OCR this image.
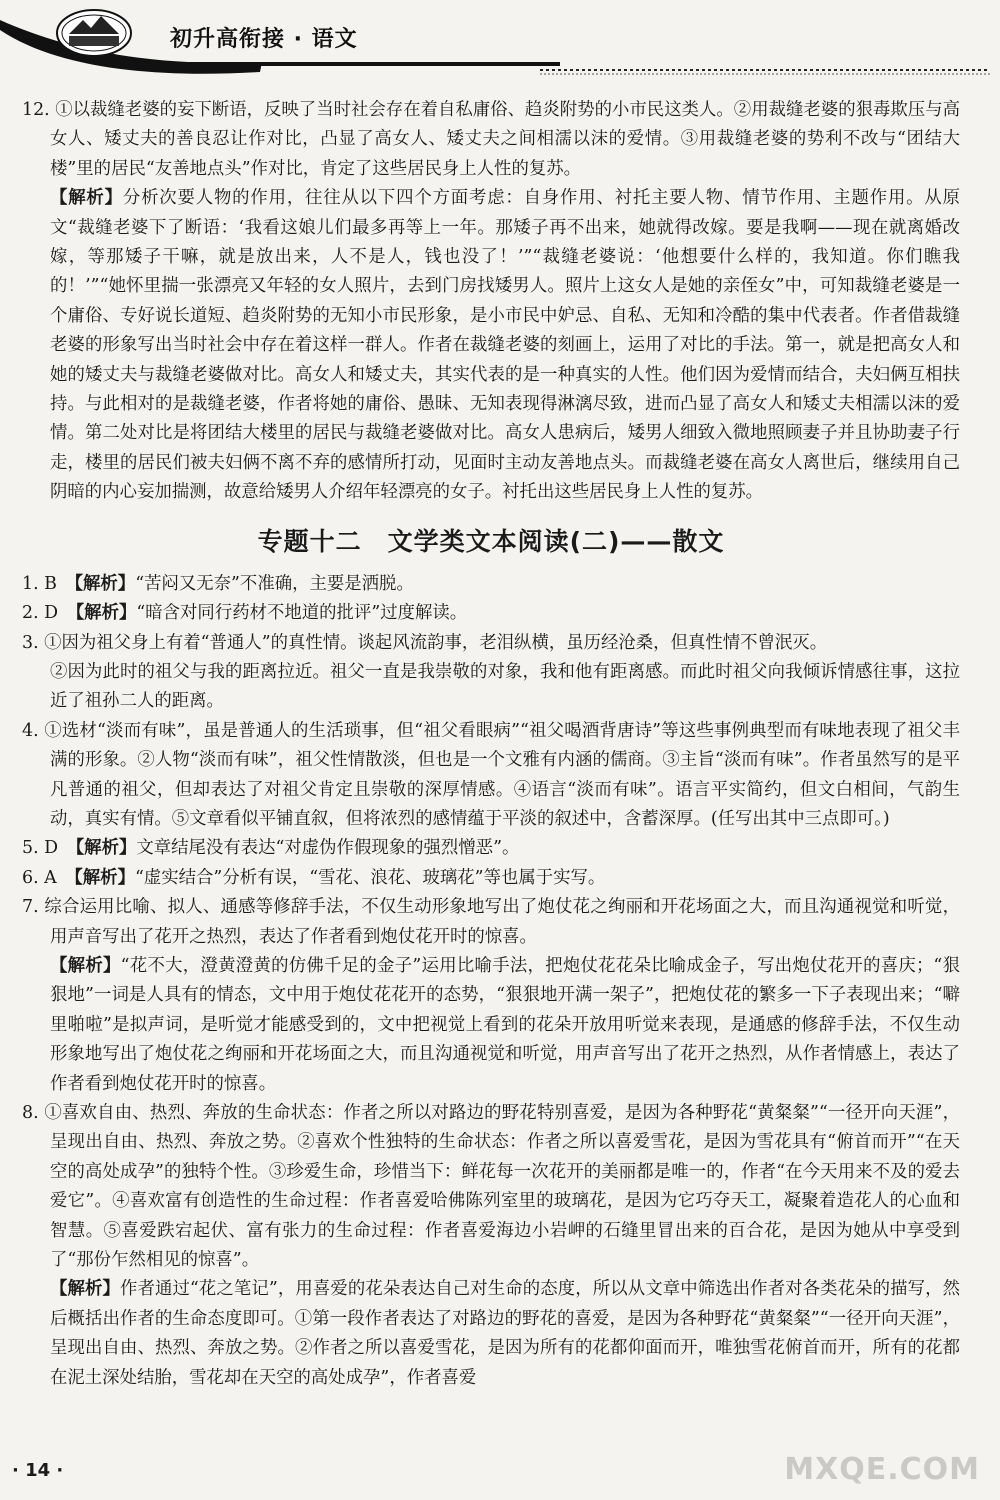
初升高衔接 · 语文

12. ①以裁缝老婆的妄下断语，反映了当时社会存在着自私庸俗、趋炎附势的小市民这类人。②用裁缝老婆的狠毒欺压与高女人、矮丈夫的善良忍让作对比，凸显了高女人、矮丈夫之间相濡以沫的爱情。③用裁缝老婆的势利不改与“团结大楼”里的居民“友善地点头”作对比，肯定了这些居民身上人性的复苏。

【解析】分析次要人物的作用，往往从以下四个方面考虑：自身作用、衬托主要人物、情节作用、主题作用。从原文“裁缝老婆下了断语：‘我看这娘儿们最多再等上一年。那矮子再不出来，她就得改嫁。要是我啊——现在就离婚改嫁，等那矮子干嘛，就是放出来，人不是人，钱也没了！’”“裁缝老婆说：‘他想要什么样的，我知道。你们瞧我的！’”“她怀里揣一张漂亮又年轻的女人照片，去到门房找矮男人。照片上这女人是她的亲侄女”中，可知裁缝老婆是一个庸俗、专好说长道短、趋炎附势的无知小市民形象，是小市民中妒忌、自私、无知和冷酷的集中代表者。作者借裁缝老婆的形象写出当时社会中存在着这样一群人。作者在裁缝老婆的刻画上，运用了对比的手法。第一，就是把高女人和她的矮丈夫与裁缝老婆做对比。高女人和矮丈夫，其实代表的是一种真实的人性。他们因为爱情而结合，夫妇俩互相扶持。与此相对的是裁缝老婆，作者将她的庸俗、愚昧、无知表现得淋漓尽致，进而凸显了高女人和矮丈夫相濡以沫的爱情。第二处对比是将团结大楼里的居民与裁缝老婆做对比。高女人患病后，矮男人细致入微地照顾妻子并且协助妻子行走，楼里的居民们被夫妇俩不离不弃的感情所打动，见面时主动友善地点头。而裁缝老婆在高女人离世后，继续用自己阴暗的内心妄加揣测，故意给矮男人介绍年轻漂亮的女子。衬托出这些居民身上人性的复苏。

专题十二　文学类文本阅读(二)——散文

1. B　 【解析】“苦闷又无奈”不准确，主要是洒脱。

2. D　 【解析】“暗含对同行药材不地道的批评”过度解读。

3. ①因为祖父身上有着“普通人”的真性情。谈起风流韵事，老泪纵横，虽历经沧桑，但真性情不曾泯灭。

②因为此时的祖父与我的距离拉近。祖父一直是我崇敬的对象，我和他有距离感。而此时祖父向我倾诉情感往事，这拉近了祖孙二人的距离。

4. ①选材“淡而有味”，虽是普通人的生活琐事，但“祖父看眼病”“祖父喝酒背唐诗”等这些事例典型而有味地表现了祖父丰满的形象。②人物“淡而有味”，祖父性情散淡，但也是一个文雅有内涵的儒商。③主旨“淡而有味”。作者虽然写的是平凡普通的祖父，但却表达了对祖父肯定且崇敬的深厚情感。④语言“淡而有味”。语言平实简约，但文白相间，气韵生动，真实有情。⑤文章看似平铺直叙，但将浓烈的感情蕴于平淡的叙述中，含蓄深厚。(任写出其中三点即可。)

5. D　 【解析】文章结尾没有表达“对虚伪作假现象的强烈憎恶”。

6. A　 【解析】“虚实结合”分析有误，“雪花、浪花、玻璃花”等也属于实写。

7. 综合运用比喻、拟人、通感等修辞手法，不仅生动形象地写出了炮仗花之绚丽和开花场面之大，而且沟通视觉和听觉，用声音写出了花开之热烈，表达了作者看到炮仗花开时的惊喜。

【解析】“花不大，澄黄澄黄的仿佛千足的金子”运用比喻手法，把炮仗花花朵比喻成金子，写出炮仗花开的喜庆；“狠狠地”一词是人具有的情态，文中用于炮仗花花开的态势，“狠狠地开满一架子”，把炮仗花的繁多一下子表现出来；“噼里啪啦”是拟声词，是听觉才能感受到的，文中把视觉上看到的花朵开放用听觉来表现，是通感的修辞手法，不仅生动形象地写出了炮仗花之绚丽和开花场面之大，而且沟通视觉和听觉，用声音写出了花开之热烈，从作者情感上，表达了作者看到炮仗花开时的惊喜。

8. ①喜欢自由、热烈、奔放的生命状态：作者之所以对路边的野花特别喜爱，是因为各种野花“黄粲粲”“一径开向天涯”，呈现出自由、热烈、奔放之势。②喜欢个性独特的生命状态：作者之所以喜爱雪花，是因为雪花具有“俯首而开”“在天空的高处成孕”的独特个性。③珍爱生命，珍惜当下：鲜花每一次花开的美丽都是唯一的，作者“在今天用来不及的爱去爱它”。④喜欢富有创造性的生命过程：作者喜爱哈佛陈列室里的玻璃花，是因为它巧夺天工，凝聚着造花人的心血和智慧。⑤喜爱跌宕起伏、富有张力的生命过程：作者喜爱海边小岩岬的石缝里冒出来的百合花，是因为她从中享受到了“那份乍然相见的惊喜”。

【解析】作者通过“花之笔记”，用喜爱的花朵表达自己对生命的态度，所以从文章中筛选出作者对各类花朵的描写，然后概括出作者的生命态度即可。①第一段作者表达了对路边的野花的喜爱，是因为各种野花“黄粲粲”“一径开向天涯”，呈现出自由、热烈、奔放之势。②作者之所以喜爱雪花，是因为所有的花都仰面而开，唯独雪花俯首而开，所有的花都在泥土深处结胎，雪花却在天空的高处成孕”，作者喜爱

· 14 ·	MXQE.COM
